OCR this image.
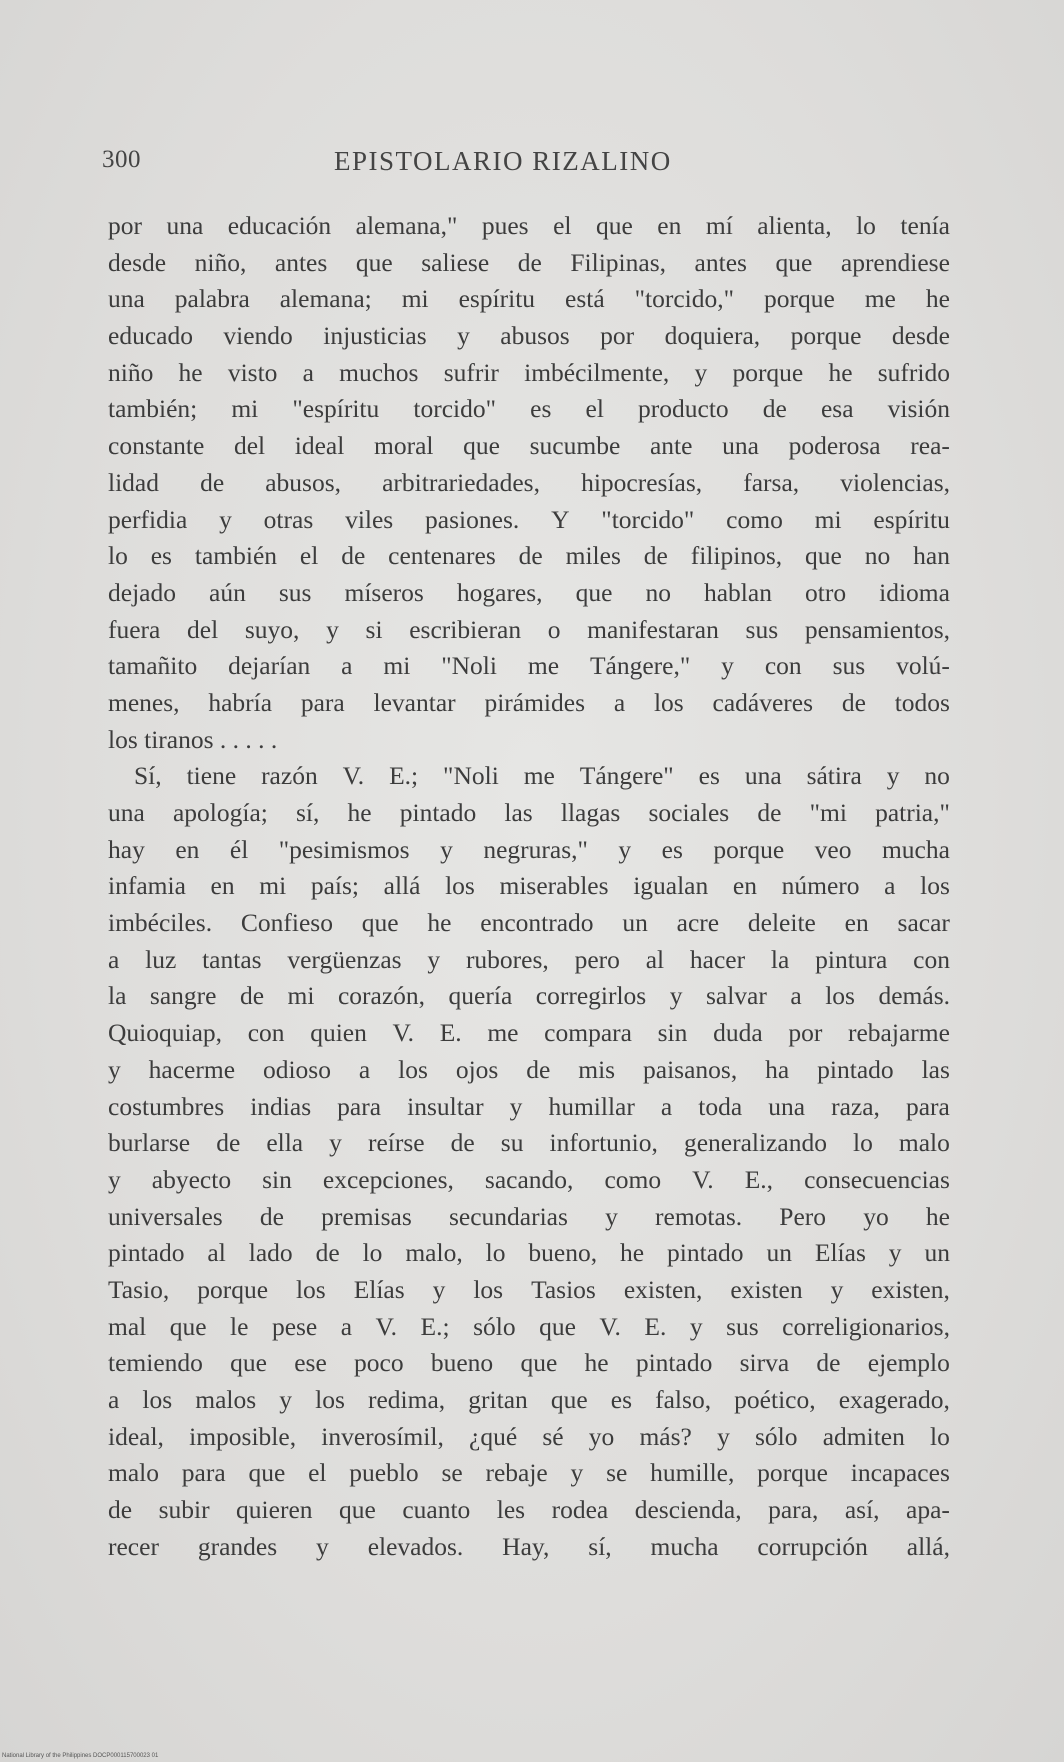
300	EPISTOLARIO RIZALINO
por una educación alemana," pues el que en mí alienta, lo tenía
desde niño, antes que saliese de Filipinas, antes que aprendiese
una palabra alemana; mi espíritu está "torcido," porque me he
educado viendo injusticias y abusos por doquiera, porque desde
niño he visto a muchos sufrir imbécilmente, y porque he sufrido
también; mi "espíritu torcido" es el producto de esa visión
constante del ideal moral que sucumbe ante una poderosa rea-
lidad de abusos, arbitrariedades, hipocresías, farsa, violencias,
perfidia y otras viles pasiones. Y "torcido" como mi espíritu
lo es también el de centenares de miles de filipinos, que no han
dejado aún sus míseros hogares, que no hablan otro idioma
fuera del suyo, y si escribieran o manifestaran sus pensamientos,
tamañito dejarían a mi "Noli me Tángere," y con sus volú-
menes, habría para levantar pirámides a los cadáveres de todos
los tiranos . . . . .
Sí, tiene razón V. E.; "Noli me Tángere" es una sátira y no
una apología; sí, he pintado las llagas sociales de "mi patria,"
hay en él "pesimismos y negruras," y es porque veo mucha
infamia en mi país; allá los miserables igualan en número a los
imbéciles. Confieso que he encontrado un acre deleite en sacar
a luz tantas vergüenzas y rubores, pero al hacer la pintura con
la sangre de mi corazón, quería corregirlos y salvar a los demás.
Quioquiap, con quien V. E. me compara sin duda por rebajarme
y hacerme odioso a los ojos de mis paisanos, ha pintado las
costumbres indias para insultar y humillar a toda una raza, para
burlarse de ella y reírse de su infortunio, generalizando lo malo
y abyecto sin excepciones, sacando, como V. E., consecuencias
universales de premisas secundarias y remotas. Pero yo he
pintado al lado de lo malo, lo bueno, he pintado un Elías y un
Tasio, porque los Elías y los Tasios existen, existen y existen,
mal que le pese a V. E.; sólo que V. E. y sus correligionarios,
temiendo que ese poco bueno que he pintado sirva de ejemplo
a los malos y los redima, gritan que es falso, poético, exagerado,
ideal, imposible, inverosímil, ¿qué sé yo más? y sólo admiten lo
malo para que el pueblo se rebaje y se humille, porque incapaces
de subir quieren que cuanto les rodea descienda, para, así, apa-
recer grandes y elevados. Hay, sí, mucha corrupción allá,
National Library of the Philippines DOCP000115700023 01
